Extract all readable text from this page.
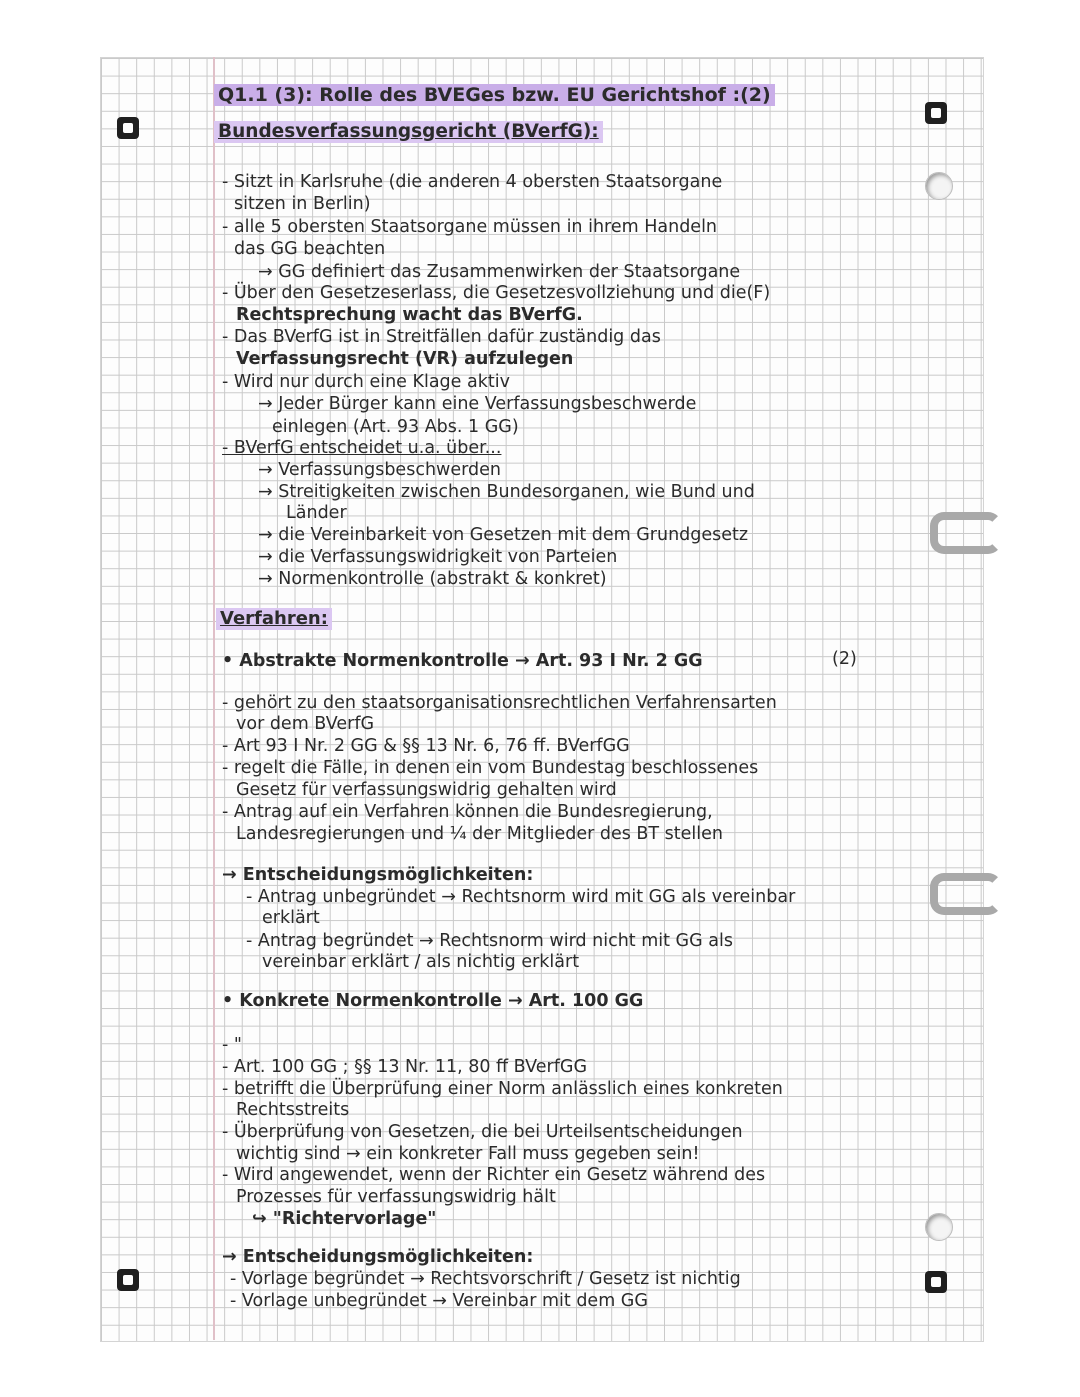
Q1.1 (3): Rolle des BVEGes bzw. EU Gerichtshof :(2)
Bundesverfassungsgericht (BVerfG):
- Sitzt in Karlsruhe (die anderen 4 obersten Staatsorgane
sitzen in Berlin)
- alle 5 obersten Staatsorgane müssen in ihrem Handeln
das GG beachten
→ GG definiert das Zusammenwirken der Staatsorgane
- Über den Gesetzeserlass, die Gesetzesvollziehung und die(F)
Rechtsprechung wacht das BVerfG.
- Das BVerfG ist in Streitfällen dafür zuständig das
Verfassungsrecht (VR) aufzulegen
- Wird nur durch eine Klage aktiv
→ Jeder Bürger kann eine Verfassungsbeschwerde
einlegen (Art. 93 Abs. 1 GG)
- BVerfG entscheidet u.a. über...
→ Verfassungsbeschwerden
→ Streitigkeiten zwischen Bundesorganen, wie Bund und
Länder
→ die Vereinbarkeit von Gesetzen mit dem Grundgesetz
→ die Verfassungswidrigkeit von Parteien
→ Normenkontrolle (abstrakt & konkret)
Verfahren:
• Abstrakte Normenkontrolle → Art. 93 I Nr. 2 GG	(2)
- gehört zu den staatsorganisationsrechtlichen Verfahrensarten
vor dem BVerfG
- Art 93 I Nr. 2 GG & §§ 13 Nr. 6, 76 ff. BVerfGG
- regelt die Fälle, in denen ein vom Bundestag beschlossenes
Gesetz für verfassungswidrig gehalten wird
- Antrag auf ein Verfahren können die Bundesregierung,
Landesregierungen und ¼ der Mitglieder des BT stellen
→ Entscheidungsmöglichkeiten:
- Antrag unbegründet → Rechtsnorm wird mit GG als vereinbar
erklärt
- Antrag begründet → Rechtsnorm wird nicht mit GG als
vereinbar erklärt / als nichtig erklärt
• Konkrete Normenkontrolle → Art. 100 GG
- "
- Art. 100 GG ; §§ 13 Nr. 11, 80 ff BVerfGG
- betrifft die Überprüfung einer Norm anlässlich eines konkreten
Rechtsstreits
- Überprüfung von Gesetzen, die bei Urteilsentscheidungen
wichtig sind → ein konkreter Fall muss gegeben sein!
- Wird angewendet, wenn der Richter ein Gesetz während des
Prozesses für verfassungswidrig hält
↪ "Richtervorlage"
→ Entscheidungsmöglichkeiten:
- Vorlage begründet → Rechtsvorschrift / Gesetz ist nichtig
- Vorlage unbegründet → Vereinbar mit dem GG
